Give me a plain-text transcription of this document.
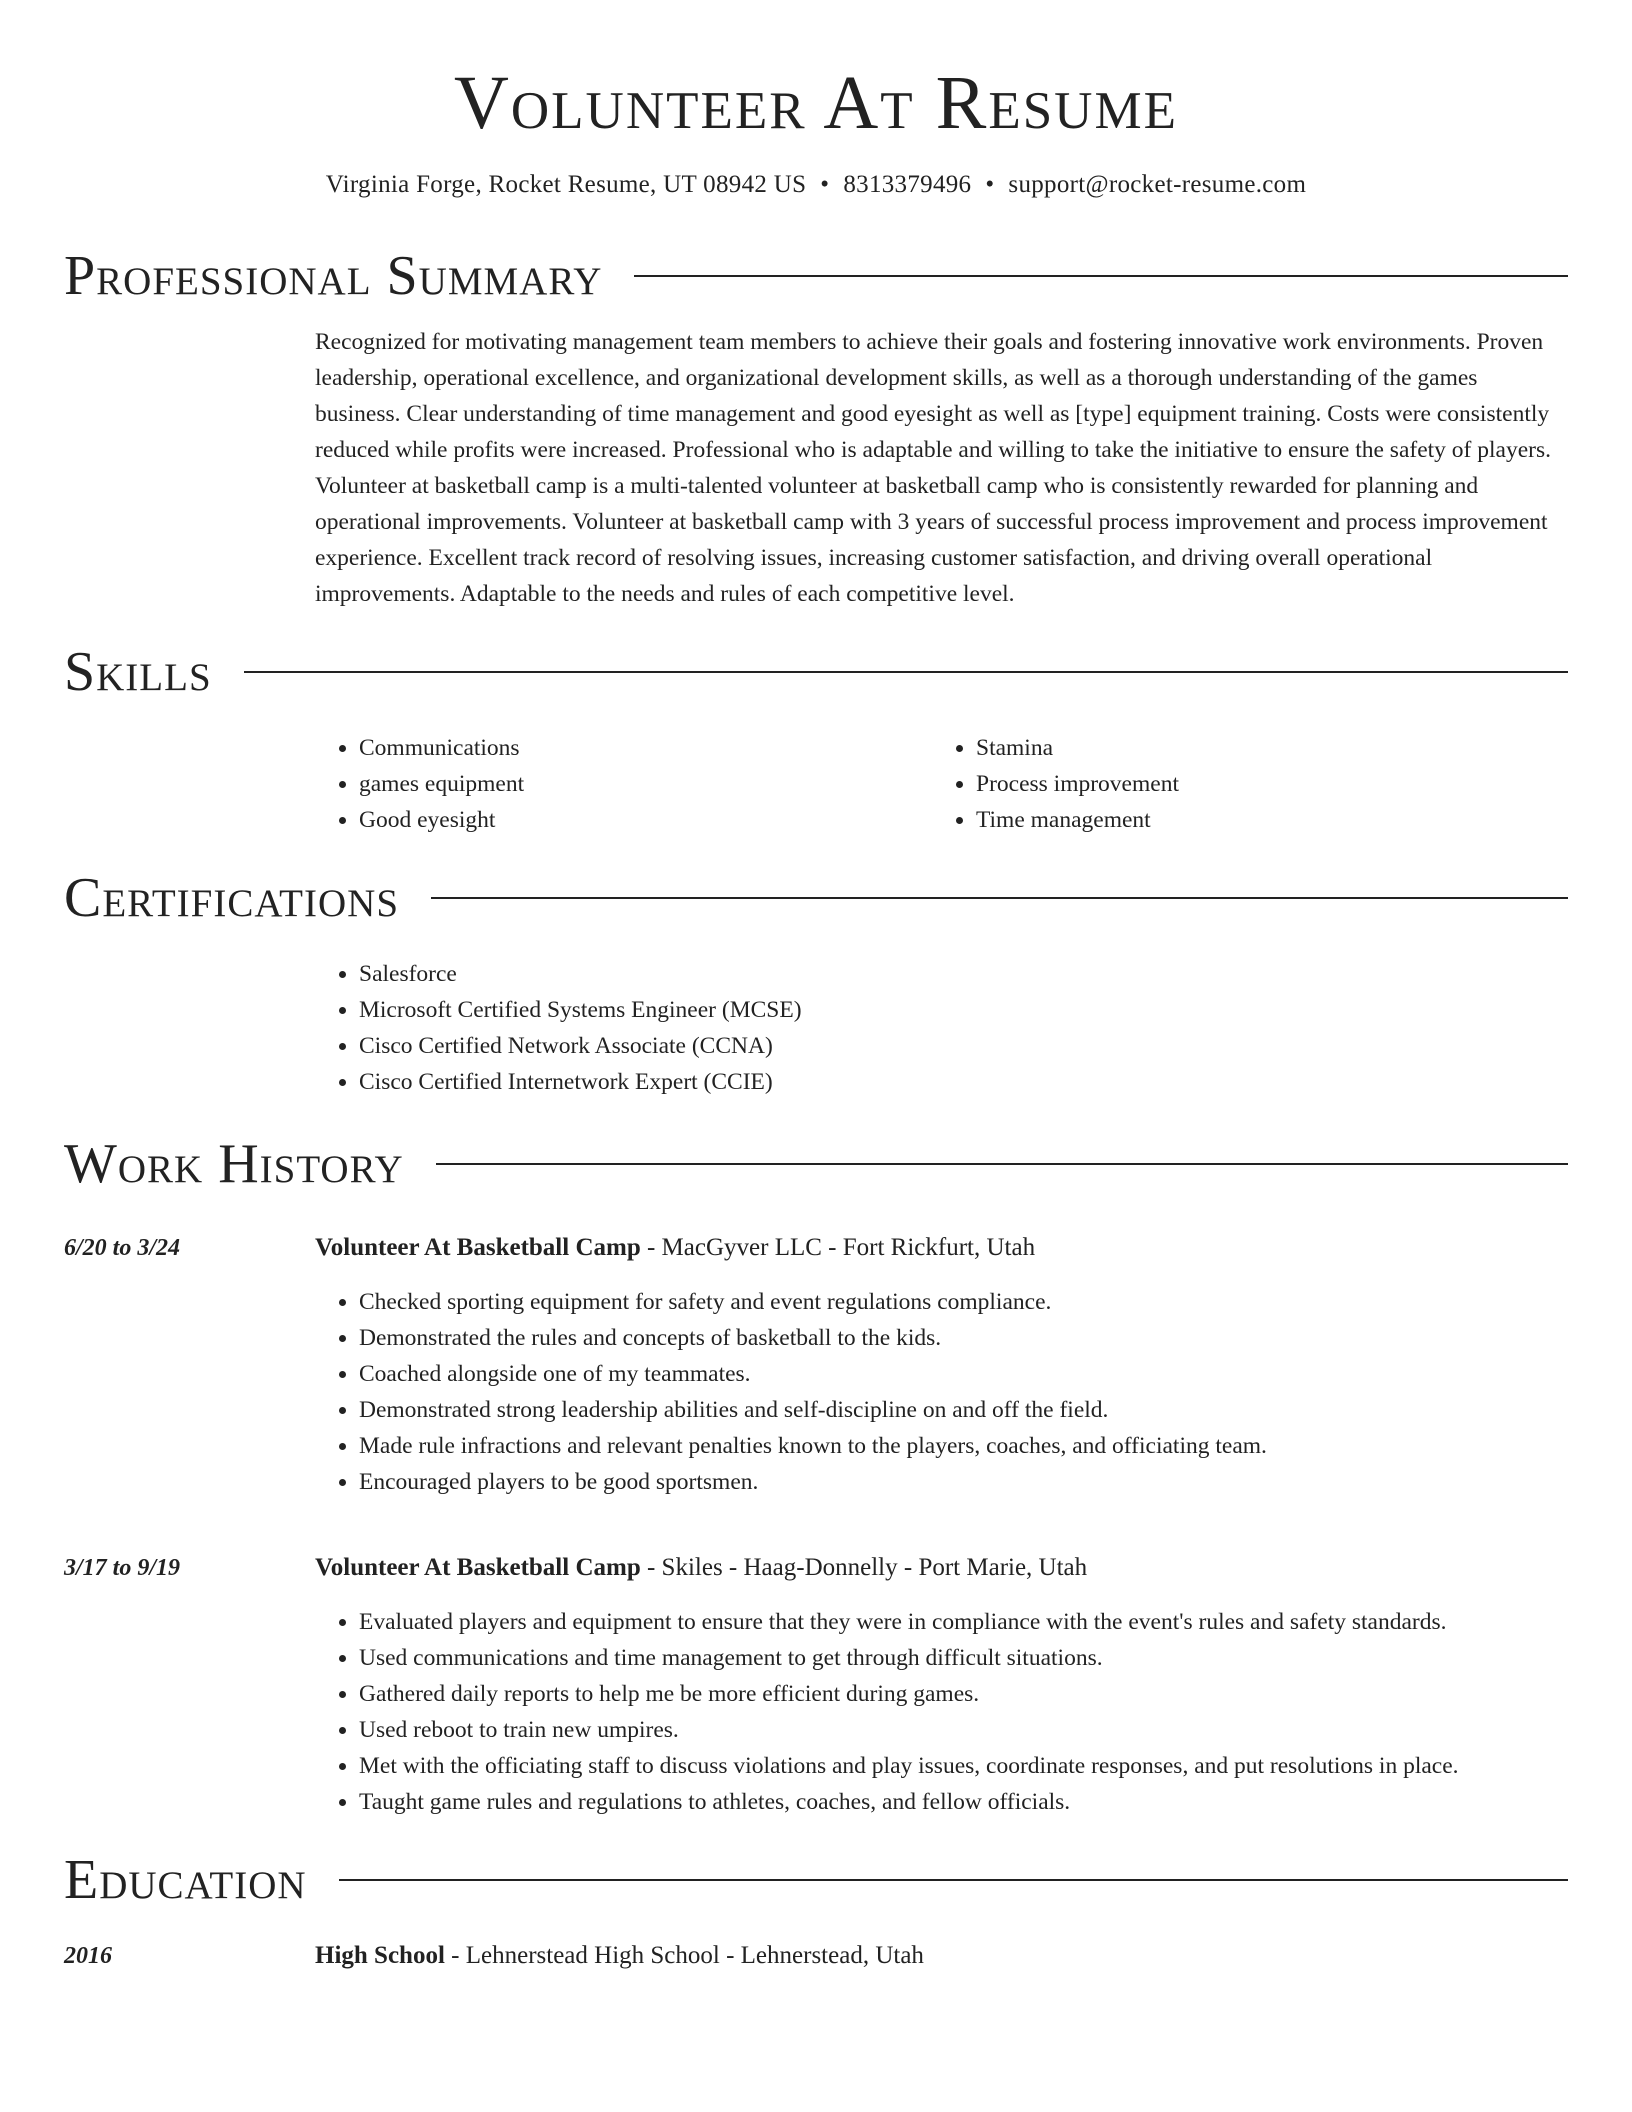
Volunteer At Resume
Virginia Forge, Rocket Resume, UT 08942 US • 8313379496 • support@rocket-resume.com
Professional Summary
Recognized for motivating management team members to achieve their goals and fostering innovative work environments. Proven leadership, operational excellence, and organizational development skills, as well as a thorough understanding of the games business. Clear understanding of time management and good eyesight as well as [type] equipment training. Costs were consistently reduced while profits were increased. Professional who is adaptable and willing to take the initiative to ensure the safety of players. Volunteer at basketball camp is a multi-talented volunteer at basketball camp who is consistently rewarded for planning and operational improvements. Volunteer at basketball camp with 3 years of successful process improvement and process improvement experience. Excellent track record of resolving issues, increasing customer satisfaction, and driving overall operational improvements. Adaptable to the needs and rules of each competitive level.
Skills
• Communications
• games equipment
• Good eyesight
• Stamina
• Process improvement
• Time management
Certifications
• Salesforce
• Microsoft Certified Systems Engineer (MCSE)
• Cisco Certified Network Associate (CCNA)
• Cisco Certified Internetwork Expert (CCIE)
Work History
6/20 to 3/24	Volunteer At Basketball Camp - MacGyver LLC - Fort Rickfurt, Utah
• Checked sporting equipment for safety and event regulations compliance.
• Demonstrated the rules and concepts of basketball to the kids.
• Coached alongside one of my teammates.
• Demonstrated strong leadership abilities and self-discipline on and off the field.
• Made rule infractions and relevant penalties known to the players, coaches, and officiating team.
• Encouraged players to be good sportsmen.
3/17 to 9/19	Volunteer At Basketball Camp - Skiles - Haag-Donnelly - Port Marie, Utah
• Evaluated players and equipment to ensure that they were in compliance with the event's rules and safety standards.
• Used communications and time management to get through difficult situations.
• Gathered daily reports to help me be more efficient during games.
• Used reboot to train new umpires.
• Met with the officiating staff to discuss violations and play issues, coordinate responses, and put resolutions in place.
• Taught game rules and regulations to athletes, coaches, and fellow officials.
Education
2016	High School - Lehnerstead High School - Lehnerstead, Utah
